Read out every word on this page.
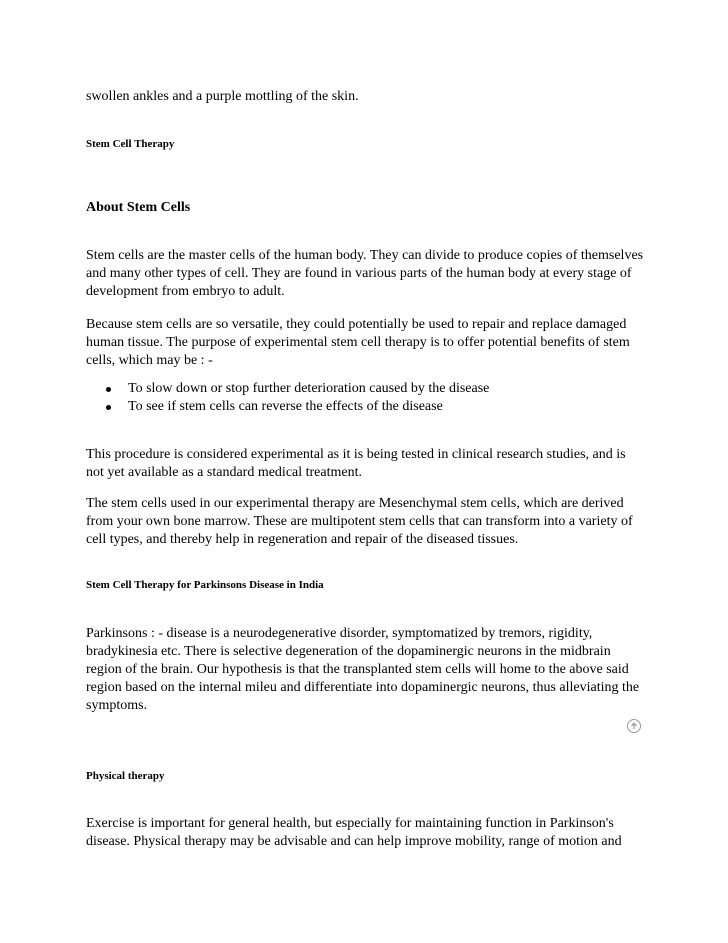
swollen ankles and a purple mottling of the skin.

Stem Cell Therapy
About Stem Cells

Stem cells are the master cells of the human body. They can divide to produce copies of themselves and many other types of cell. They are found in various parts of the human body at every stage of development from embryo to adult.

Because stem cells are so versatile, they could potentially be used to repair and replace damaged human tissue. The purpose of experimental stem cell therapy is to offer potential benefits of stem cells, which may be : -

To slow down or stop further deterioration caused by the disease
To see if stem cells can reverse the effects of the disease

This procedure is considered experimental as it is being tested in clinical research studies, and is not yet available as a standard medical treatment.

The stem cells used in our experimental therapy are Mesenchymal stem cells, which are derived from your own bone marrow. These are multipotent stem cells that can transform into a variety of cell types, and thereby help in regeneration and repair of the diseased tissues.

Stem Cell Therapy for Parkinsons Disease in India

Parkinsons : - disease is a neurodegenerative disorder, symptomatized by tremors, rigidity, bradykinesia etc. There is selective degeneration of the dopaminergic neurons in the midbrain region of the brain. Our hypothesis is that the transplanted stem cells will home to the above said region based on the internal mileu and differentiate into dopaminergic neurons, thus alleviating the symptoms.

Physical therapy

Exercise is important for general health, but especially for maintaining function in Parkinson's disease. Physical therapy may be advisable and can help improve mobility, range of motion and
